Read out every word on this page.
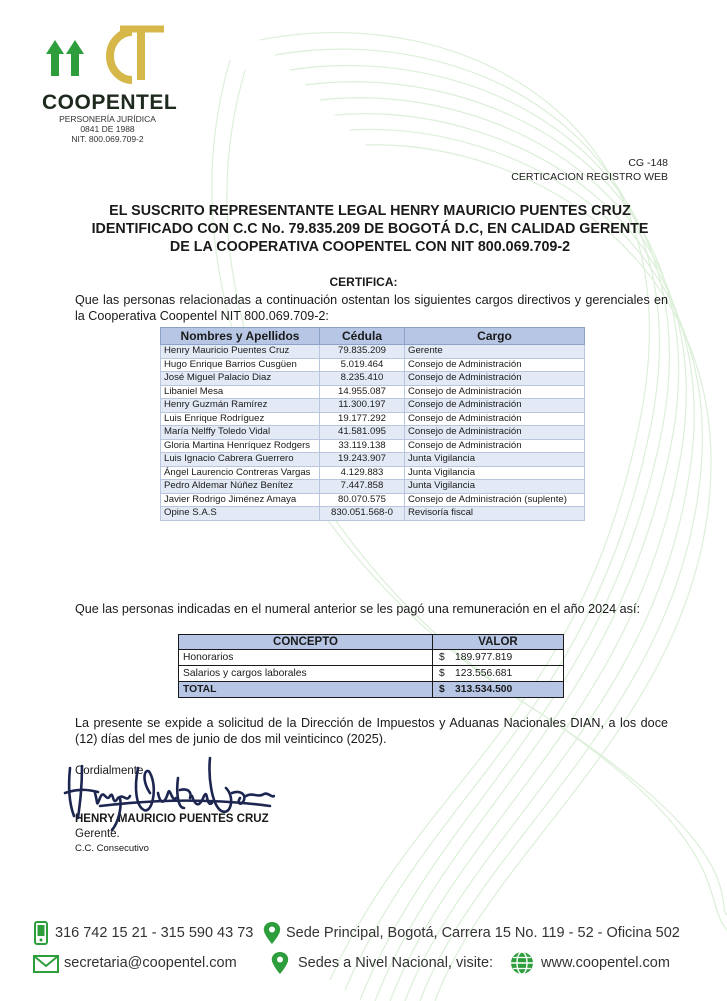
COOPENTEL
PERSONERÍA JURÍDICA
0841 DE 1988
NIT. 800.069.709-2
CG -148
CERTICACION REGISTRO WEB
EL SUSCRITO REPRESENTANTE LEGAL HENRY MAURICIO PUENTES CRUZ
IDENTIFICADO CON C.C No. 79.835.209 DE BOGOTÁ D.C, EN CALIDAD GERENTE
DE LA COOPERATIVA COOPENTEL CON NIT 800.069.709-2
CERTIFICA:
Que las personas relacionadas a continuación ostentan los siguientes cargos directivos y gerenciales en la Cooperativa Coopentel NIT 800.069.709-2:
Nombres y Apellidos	Cédula	Cargo
Henry Mauricio Puentes Cruz	79.835.209	Gerente
Hugo Enrique Barrios Cusgüen	5.019.464	Consejo de Administración
José Miguel Palacio Diaz	8.235.410	Consejo de Administración
Libaniel Mesa	14.955.087	Consejo de Administración
Henry Guzmán Ramírez	11.300.197	Consejo de Administración
Luis Enrique Rodríguez	19.177.292	Consejo de Administración
María Nelffy Toledo Vidal	41.581.095	Consejo de Administración
Gloria Martina Henríquez Rodgers	33.119.138	Consejo de Administración
Luis Ignacio Cabrera Guerrero	19.243.907	Junta Vigilancia
Ángel Laurencio Contreras Vargas	4.129.883	Junta Vigilancia
Pedro Aldemar Núñez Benítez	7.447.858	Junta Vigilancia
Javier Rodrigo Jiménez Amaya	80.070.575	Consejo de Administración (suplente)
Opine S.A.S	830.051.568-0	Revisoría fiscal
Que las personas indicadas en el numeral anterior se les pagó una remuneración en el año 2024 así:
CONCEPTO	VALOR
Honorarios	$ 189.977.819
Salarios y cargos laborales	$ 123.556.681
TOTAL	$ 313.534.500
La presente se expide a solicitud de la Dirección de Impuestos y Aduanas Nacionales DIAN, a los doce (12) días del mes de junio de dos mil veinticinco (2025).
Cordialmente,
HENRY MAURICIO PUENTES CRUZ
Gerente.
C.C. Consecutivo
316 742 15 21 - 315 590 43 73 Sede Principal, Bogotá, Carrera 15 No. 119 - 52 - Oficina 502
secretaria@coopentel.com	Sedes a Nivel Nacional, visite:	www.coopentel.com
